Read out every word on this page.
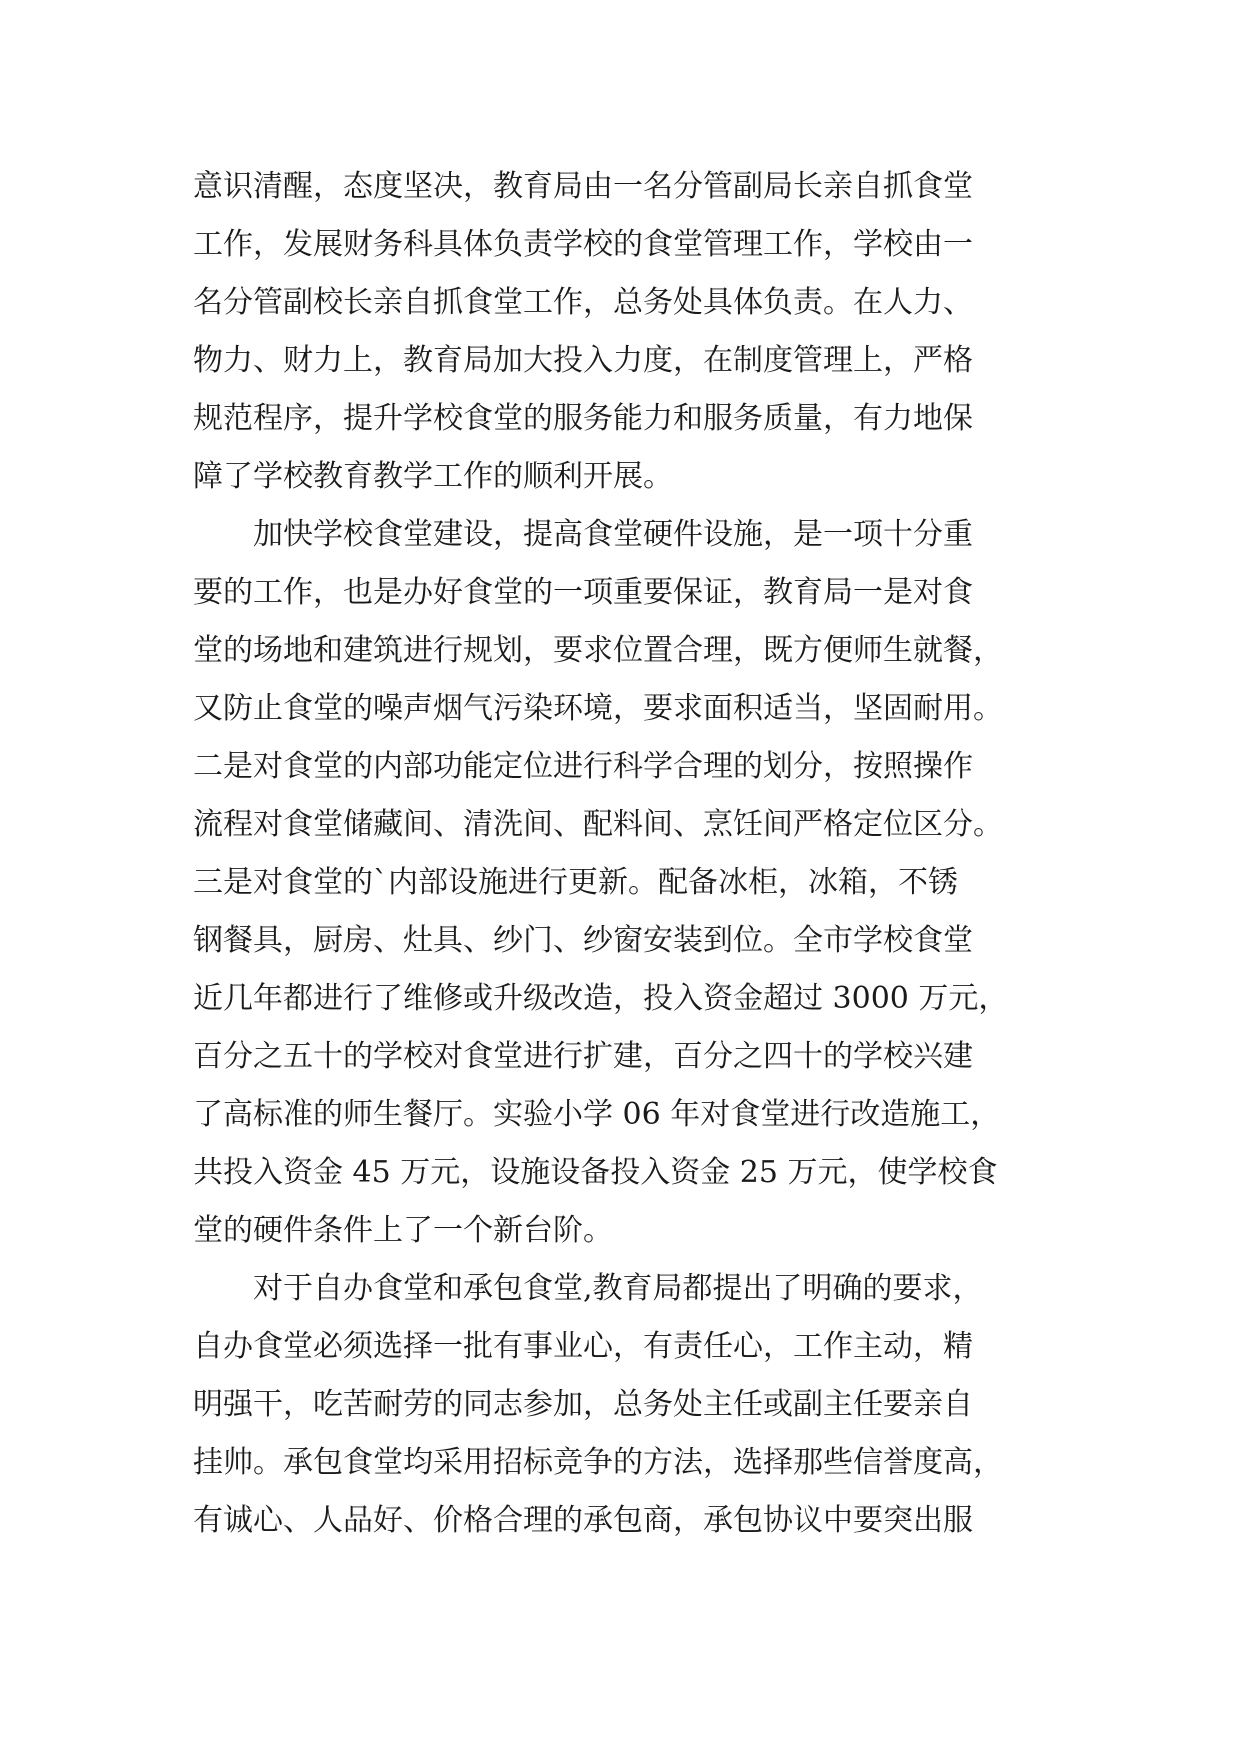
意识清醒，态度坚决，教育局由一名分管副局长亲自抓食堂
工作，发展财务科具体负责学校的食堂管理工作，学校由一
名分管副校长亲自抓食堂工作，总务处具体负责。在人力、
物力、财力上，教育局加大投入力度，在制度管理上，严格
规范程序，提升学校食堂的服务能力和服务质量，有力地保
障了学校教育教学工作的顺利开展。
加快学校食堂建设，提高食堂硬件设施，是一项十分重
要的工作，也是办好食堂的一项重要保证，教育局一是对食
堂的场地和建筑进行规划，要求位置合理，既方便师生就餐，
又防止食堂的噪声烟气污染环境，要求面积适当，坚固耐用。
二是对食堂的内部功能定位进行科学合理的划分，按照操作
流程对食堂储藏间、清洗间、配料间、烹饪间严格定位区分。
三是对食堂的`内部设施进行更新。配备冰柜，冰箱，不锈
钢餐具，厨房、灶具、纱门、纱窗安装到位。全市学校食堂
近几年都进行了维修或升级改造，投入资金超过 3000 万元，
百分之五十的学校对食堂进行扩建，百分之四十的学校兴建
了高标准的师生餐厅。实验小学 06 年对食堂进行改造施工，
共投入资金 45 万元，设施设备投入资金 25 万元，使学校食
堂的硬件条件上了一个新台阶。
对于自办食堂和承包食堂,教育局都提出了明确的要求，
自办食堂必须选择一批有事业心，有责任心，工作主动，精
明强干，吃苦耐劳的同志参加，总务处主任或副主任要亲自
挂帅。承包食堂均采用招标竞争的方法，选择那些信誉度高，
有诚心、人品好、价格合理的承包商，承包协议中要突出服
